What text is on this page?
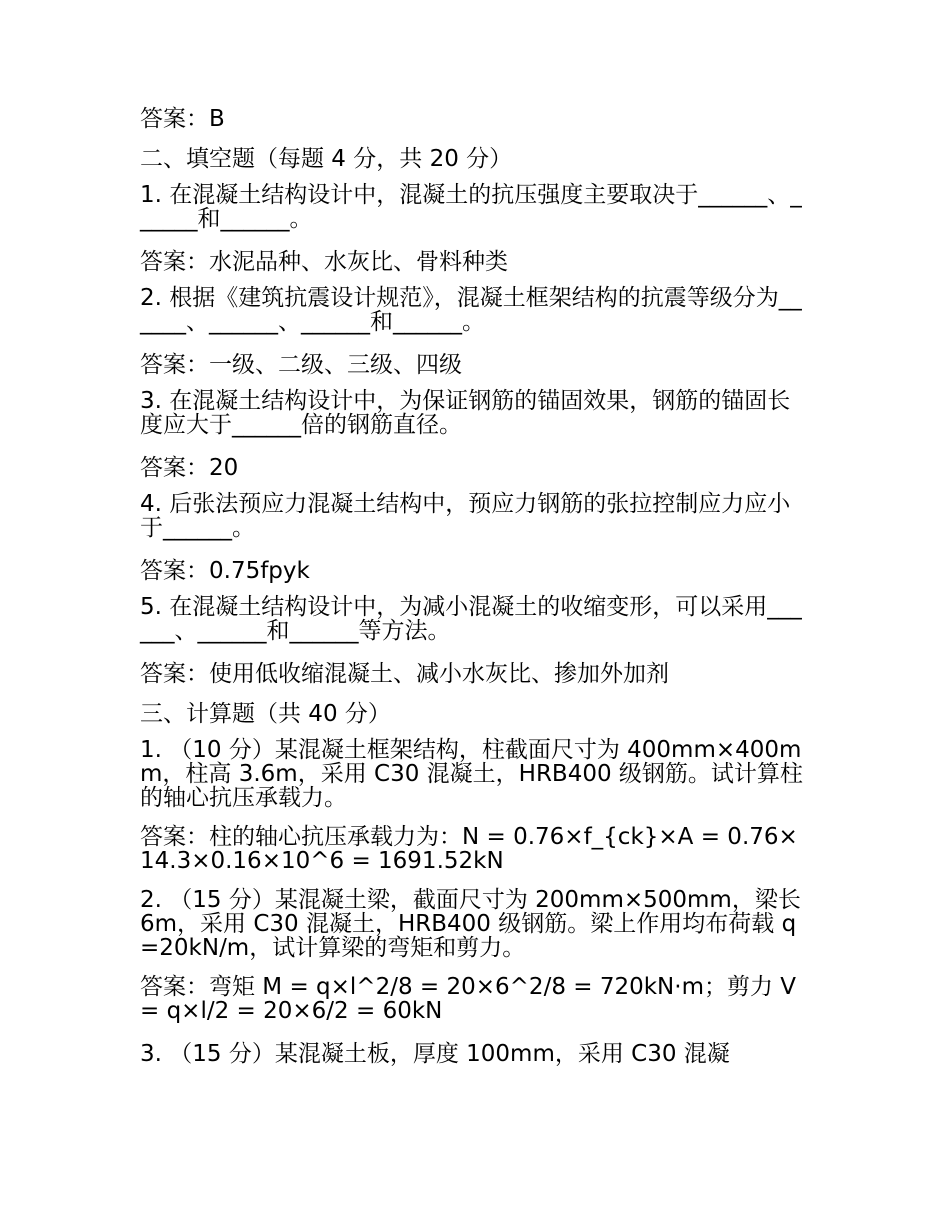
答案：B

二、填空题（每题 4 分，共 20 分）

1. 在混凝土结构设计中，混凝土的抗压强度主要取决于______、______和______。

答案：水泥品种、水灰比、骨料种类

2. 根据《建筑抗震设计规范》，混凝土框架结构的抗震等级分为______、______、______和______。

答案：一级、二级、三级、四级

3. 在混凝土结构设计中，为保证钢筋的锚固效果，钢筋的锚固长度应大于______倍的钢筋直径。

答案：20

4. 后张法预应力混凝土结构中，预应力钢筋的张拉控制应力应小于______。

答案：0.75fpyk

5. 在混凝土结构设计中，为减小混凝土的收缩变形，可以采用______、______和______等方法。

答案：使用低收缩混凝土、减小水灰比、掺加外加剂

三、计算题（共 40 分）

1. （10 分）某混凝土框架结构，柱截面尺寸为 400mm×400mm，柱高 3.6m，采用 C30 混凝土，HRB400 级钢筋。试计算柱的轴心抗压承载力。

答案：柱的轴心抗压承载力为：N = 0.76×f_{ck}×A = 0.76×14.3×0.16×10^6 = 1691.52kN

2. （15 分）某混凝土梁，截面尺寸为 200mm×500mm，梁长 6m，采用 C30 混凝土，HRB400 级钢筋。梁上作用均布荷载 q=20kN/m，试计算梁的弯矩和剪力。

答案：弯矩 M = q×l^2/8 = 20×6^2/8 = 720kN·m；剪力 V = q×l/2 = 20×6/2 = 60kN

3. （15 分）某混凝土板，厚度 100mm，采用 C30 混凝
